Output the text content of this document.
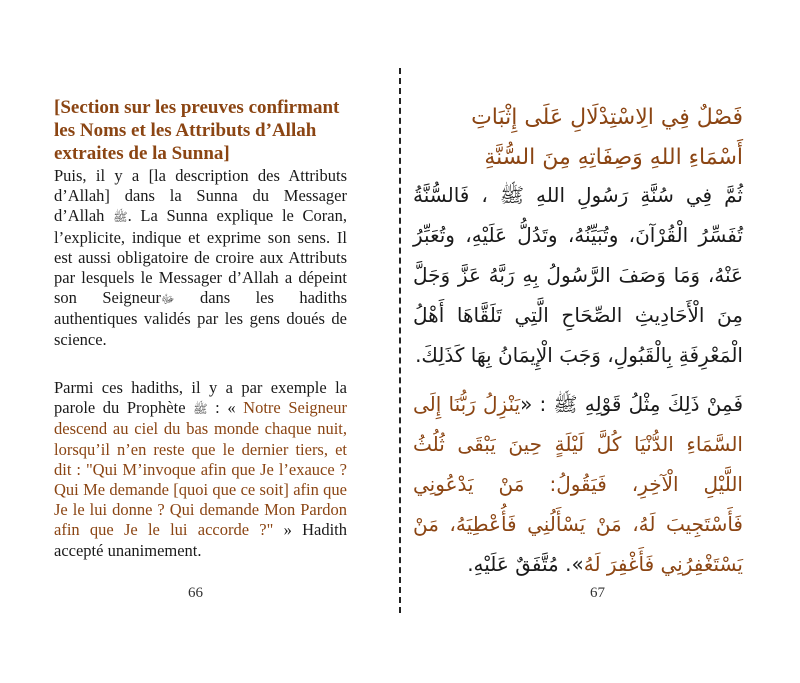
[Section sur les preuves confirmant les Noms et les Attributs d’Allah extraites de la Sunna]
Puis, il y a [la description des Attributs d’Allah] dans la Sunna du Messager d’Allah ﷺ. La Sunna explique le Coran, l’explicite, indique et exprime son sens. Il est aussi obligatoire de croire aux Attributs par lesquels le Messager d’Allah a dépeint son Seigneurﷻ dans les hadiths authentiques validés par les gens doués de science.
Parmi ces hadiths, il y a par exemple la parole du Prophète ﷺ : « Notre Seigneur descend au ciel du bas monde chaque nuit, lorsqu’il n’en reste que le dernier tiers, et dit : "Qui M’invoque afin que Je l’exauce ? Qui Me demande [quoi que ce soit] afin que Je le lui donne ? Qui demande Mon Pardon afin que Je le lui accorde ?" » Hadith accepté unanimement.
66
فَصْلٌ فِي الِاسْتِدْلَالِ عَلَى إِثْبَاتِ أَسْمَاءِ اللهِ وَصِفَاتِهِ مِنَ السُّنَّةِ
ثُمَّ فِي سُنَّةِ رَسُولِ اللهِ ﷺ ، فَالسُّنَّةُ تُفَسِّرُ الْقُرْآنَ، وتُبَيِّنُهُ، وتَدُلُّ عَلَيْهِ، وتُعَبِّرُ عَنْهُ، وَمَا وَصَفَ الرَّسُولُ بِهِ رَبَّهُ عَزَّ وَجَلَّ مِنَ الْأَحَادِيثِ الصِّحَاحِ الَّتِي تَلَقَّاهَا أَهْلُ الْمَعْرِفَةِ بِالْقَبُولِ، وَجَبَ الْإِيمَانُ بِهَا كَذَلِكَ.
فَمِنْ ذَلِكَ مِثْلُ قَوْلِهِ ﷺ : «يَنْزِلُ رَبُّنَا إِلَى السَّمَاءِ الدُّنْيَا كُلَّ لَيْلَةٍ حِينَ يَبْقَى ثُلُثُ اللَّيْلِ الْآخِرِ، فَيَقُولُ: مَنْ يَدْعُونِي فَأَسْتَجِيبَ لَهُ، مَنْ يَسْأَلُنِي فَأُعْطِيَهُ، مَنْ يَسْتَغْفِرُنِي فَأَغْفِرَ لَهُ». مُتَّفَقٌ عَلَيْهِ.
67
